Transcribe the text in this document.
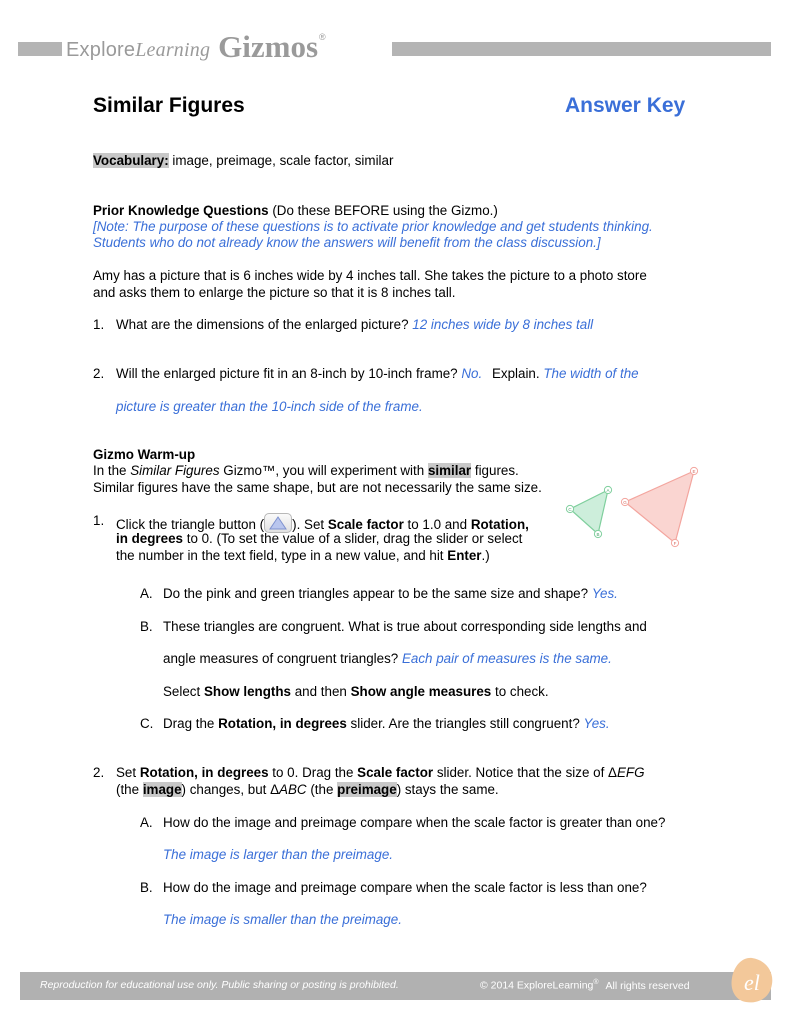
Explore Learning Gizmos ®
Similar Figures	Answer Key
Vocabulary: image, preimage, scale factor, similar
Prior Knowledge Questions (Do these BEFORE using the Gizmo.)
[Note: The purpose of these questions is to activate prior knowledge and get students thinking.
Students who do not already know the answers will benefit from the class discussion.]
Amy has a picture that is 6 inches wide by 4 inches tall. She takes the picture to a photo store
and asks them to enlarge the picture so that it is 8 inches tall.
1. What are the dimensions of the enlarged picture? 12 inches wide by 8 inches tall
2. Will the enlarged picture fit in an 8-inch by 10-inch frame? No. Explain. The width of the
picture is greater than the 10-inch side of the frame.
Gizmo Warm-up
In the Similar Figures Gizmo™, you will experiment with similar figures.
Similar figures have the same shape, but are not necessarily the same size.	A
B
C
E
F
G
1. Click the triangle button ( ). Set Scale factor to 1.0 and Rotation,
in degrees to 0. (To set the value of a slider, drag the slider or select
the number in the text field, type in a new value, and hit Enter.)
A. Do the pink and green triangles appear to be the same size and shape? Yes.
B. These triangles are congruent. What is true about corresponding side lengths and
angle measures of congruent triangles? Each pair of measures is the same.
Select Show lengths and then Show angle measures to check.
C. Drag the Rotation, in degrees slider. Are the triangles still congruent? Yes.
2. Set Rotation, in degrees to 0. Drag the Scale factor slider. Notice that the size of ΔEFG
(the image) changes, but ΔABC (the preimage) stays the same.
A. How do the image and preimage compare when the scale factor is greater than one?
The image is larger than the preimage.
B. How do the image and preimage compare when the scale factor is less than one?
The image is smaller than the preimage.
Reproduction for educational use only. Public sharing or posting is prohibited.	© 2014 ExploreLearning® All rights reserved el
